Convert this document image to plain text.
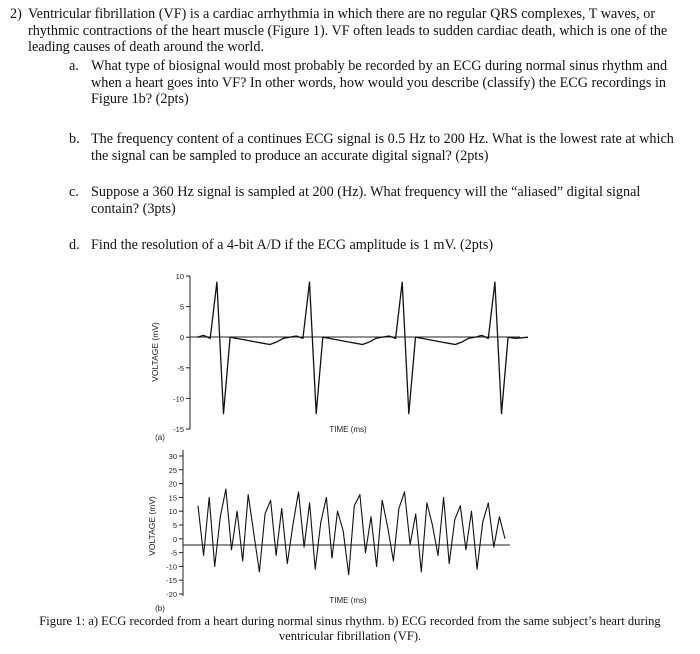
2) Ventricular fibrillation (VF) is a cardiac arrhythmia in which there are no regular QRS complexes, T waves, or rhythmic contractions of the heart muscle (Figure 1). VF often leads to sudden cardiac death, which is one of the leading causes of death around the world.
a. What type of biosignal would most probably be recorded by an ECG during normal sinus rhythm and when a heart goes into VF? In other words, how would you describe (classify) the ECG recordings in Figure 1b? (2pts)
b. The frequency content of a continues ECG signal is 0.5 Hz to 200 Hz. What is the lowest rate at which the signal can be sampled to produce an accurate digital signal? (2pts)
c. Suppose a 360 Hz signal is sampled at 200 (Hz). What frequency will the “aliased” digital signal contain? (3pts)
d. Find the resolution of a 4-bit A/D if the ECG amplitude is 1 mV. (2pts)
10
5
0
-5
-10
-15
VOLTAGE (mV)
TIME (ms)
(a)
30
25
20
15
10
5
0
-5
-10
-15
-20
VOLTAGE (mV)
TIME (ms)
(b)
Figure 1: a) ECG recorded from a heart during normal sinus rhythm. b) ECG recorded from the same subject’s heart during ventricular fibrillation (VF).
